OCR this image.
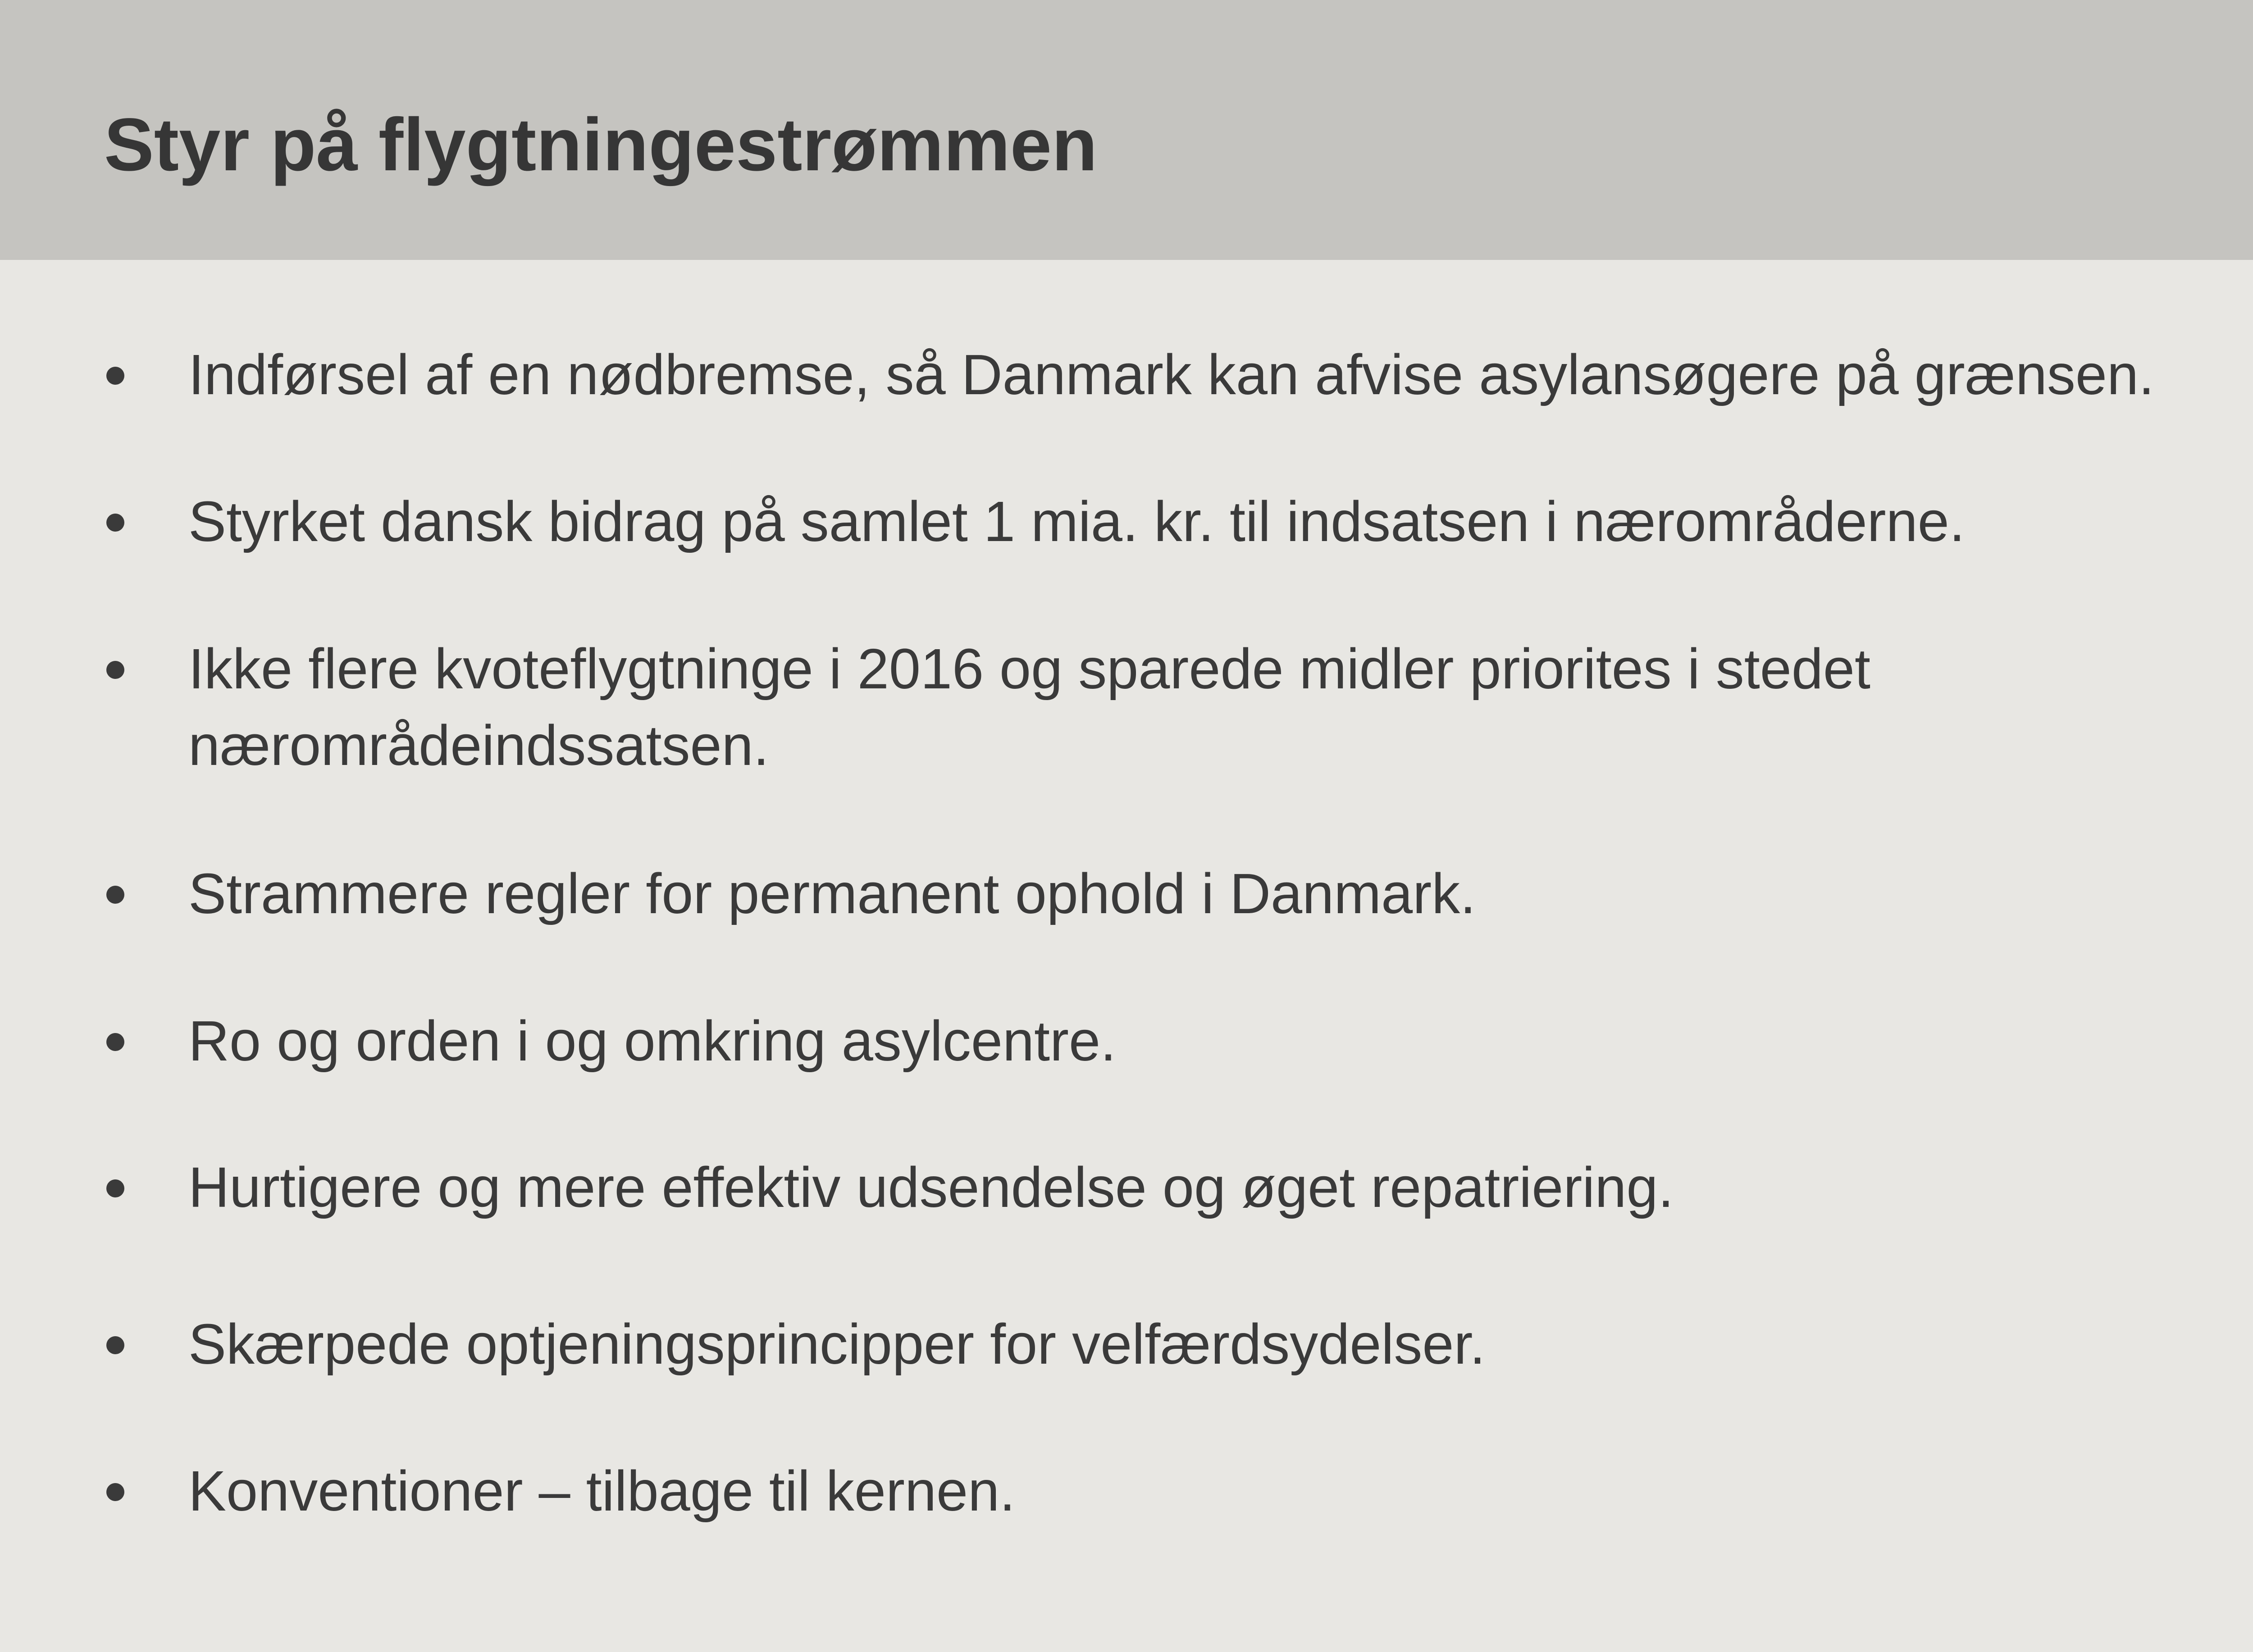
Styr på flygtningestrømmen

Indførsel af en nødbremse, så Danmark kan afvise asylansøgere på grænsen.

Styrket dansk bidrag på samlet 1 mia. kr. til indsatsen i nærområderne.

Ikke flere kvoteflygtninge i 2016 og sparede midler priorites i stedet nærområdeindssatsen.

Strammere regler for permanent ophold i Danmark.

Ro og orden i og omkring asylcentre.

Hurtigere og mere effektiv udsendelse og øget repatriering.

Skærpede optjeningsprincipper for velfærdsydelser.

Konventioner – tilbage til kernen.
